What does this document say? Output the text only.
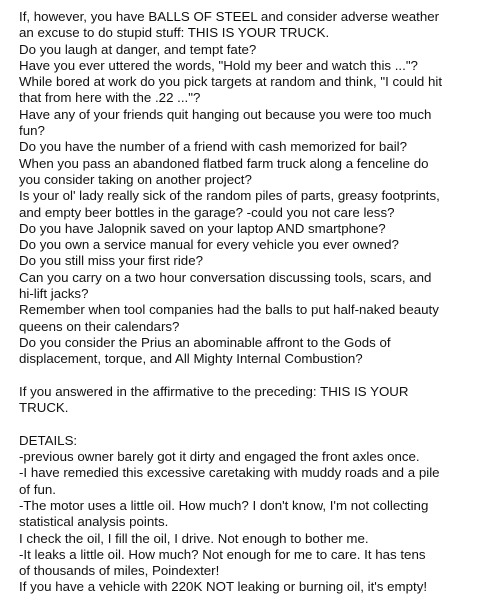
If, however, you have BALLS OF STEEL and consider adverse weather
an excuse to do stupid stuff: THIS IS YOUR TRUCK.
Do you laugh at danger, and tempt fate?
Have you ever uttered the words, "Hold my beer and watch this ..."?
While bored at work do you pick targets at random and think, "I could hit
that from here with the .22 ..."?
Have any of your friends quit hanging out because you were too much
fun?
Do you have the number of a friend with cash memorized for bail?
When you pass an abandoned flatbed farm truck along a fenceline do
you consider taking on another project?
Is your ol' lady really sick of the random piles of parts, greasy footprints,
and empty beer bottles in the garage? -could you not care less?
Do you have Jalopnik saved on your laptop AND smartphone?
Do you own a service manual for every vehicle you ever owned?
Do you still miss your first ride?
Can you carry on a two hour conversation discussing tools, scars, and
hi-lift jacks?
Remember when tool companies had the balls to put half-naked beauty
queens on their calendars?
Do you consider the Prius an abominable affront to the Gods of
displacement, torque, and All Mighty Internal Combustion?
If you answered in the affirmative to the preceding: THIS IS YOUR
TRUCK.
DETAILS:
-previous owner barely got it dirty and engaged the front axles once.
-I have remedied this excessive caretaking with muddy roads and a pile
of fun.
-The motor uses a little oil. How much? I don't know, I'm not collecting
statistical analysis points.
I check the oil, I fill the oil, I drive. Not enough to bother me.
-It leaks a little oil. How much? Not enough for me to care. It has tens
of thousands of miles, Poindexter!
If you have a vehicle with 220K NOT leaking or burning oil, it's empty!
